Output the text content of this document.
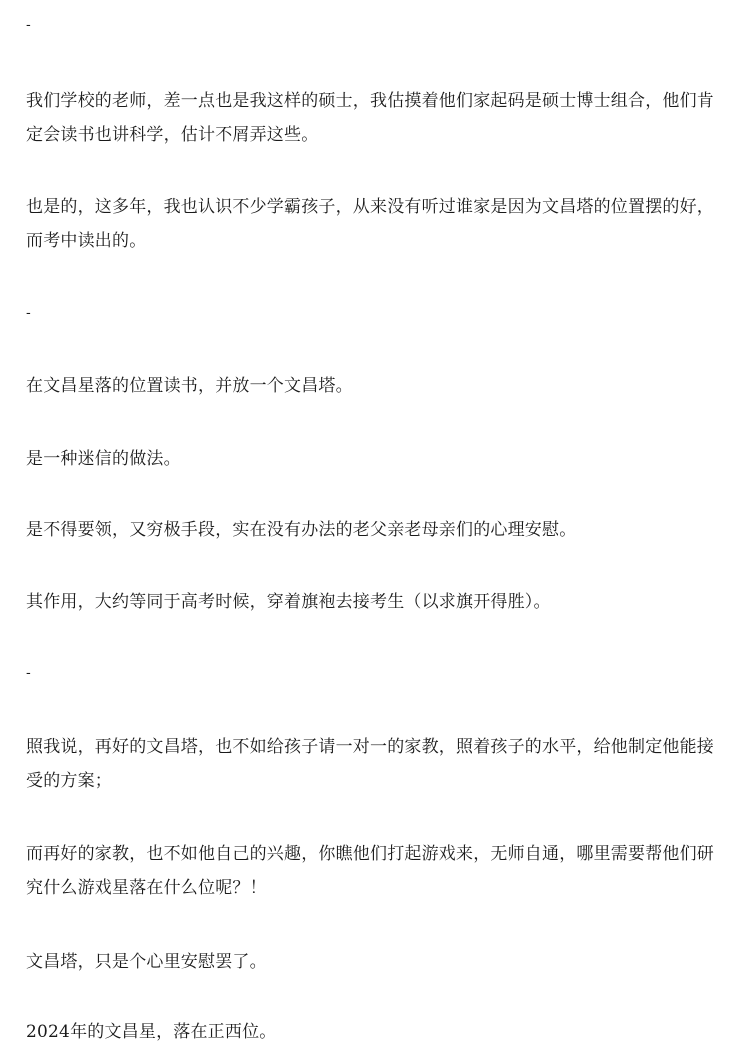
-

我们学校的老师，差一点也是我这样的硕士，我估摸着他们家起码是硕士博士组合，他们肯定会读书也讲科学，估计不屑弄这些。

也是的，这多年，我也认识不少学霸孩子，从来没有听过谁家是因为文昌塔的位置摆的好，而考中读出的。

-

在文昌星落的位置读书，并放一个文昌塔。

是一种迷信的做法。

是不得要领，又穷极手段，实在没有办法的老父亲老母亲们的心理安慰。

其作用，大约等同于高考时候，穿着旗袍去接考生（以求旗开得胜）。

-

照我说，再好的文昌塔，也不如给孩子请一对一的家教，照着孩子的水平，给他制定他能接受的方案；

而再好的家教，也不如他自己的兴趣，你瞧他们打起游戏来，无师自通，哪里需要帮他们研究什么游戏星落在什么位呢？！

文昌塔，只是个心里安慰罢了。

2024年的文昌星，落在正西位。
